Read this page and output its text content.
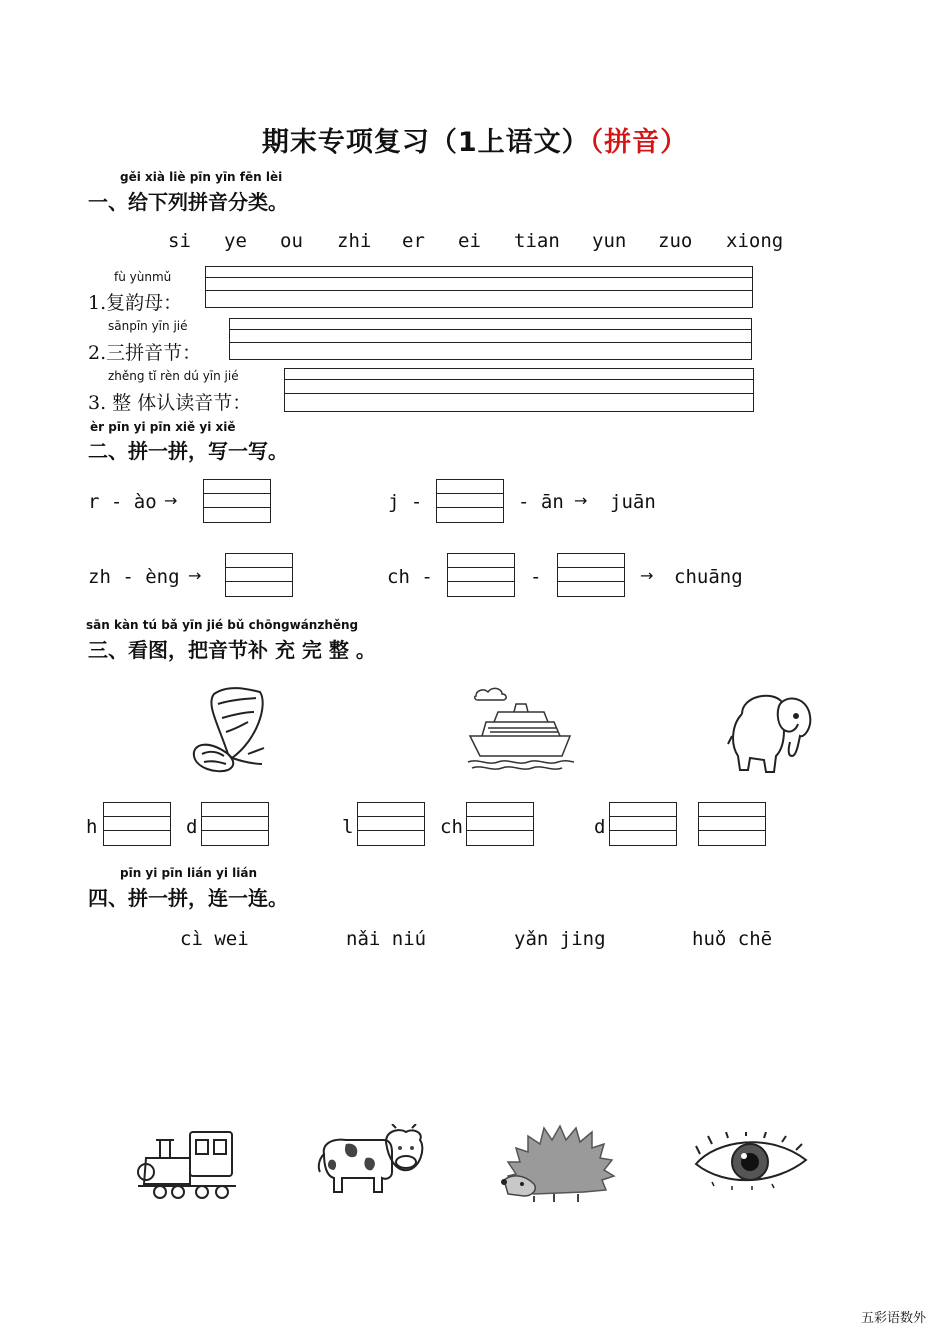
期末专项复习（1上语文）（拼音）
gěi xià liè pīn yīn fēn lèi
一、给下列拼音分类。
si ye ou zhi er ei tian yun zuo xiong
fù yùnmǔ
1.复韵母：
sānpīn yīn jié
2.三拼音节：
zhěng tǐ rèn dú yīn jié
3. 整 体认读音节：
èr pīn yi pīn xiě yi xiě
二、拼一拼，写一写。
r - ào →	j -	- ān → juān
zh - èng →	ch -	-	→ chuāng
sān kàn tú bǎ yīn jié bǔ chōngwánzhěng
三、看图，把音节补 充 完 整 。
h	d	l	ch	d
pīn yi pīn lián yi lián
四、拼一拼，连一连。
cì wei	nǎi niú	yǎn jing	huǒ chē
五彩语数外
